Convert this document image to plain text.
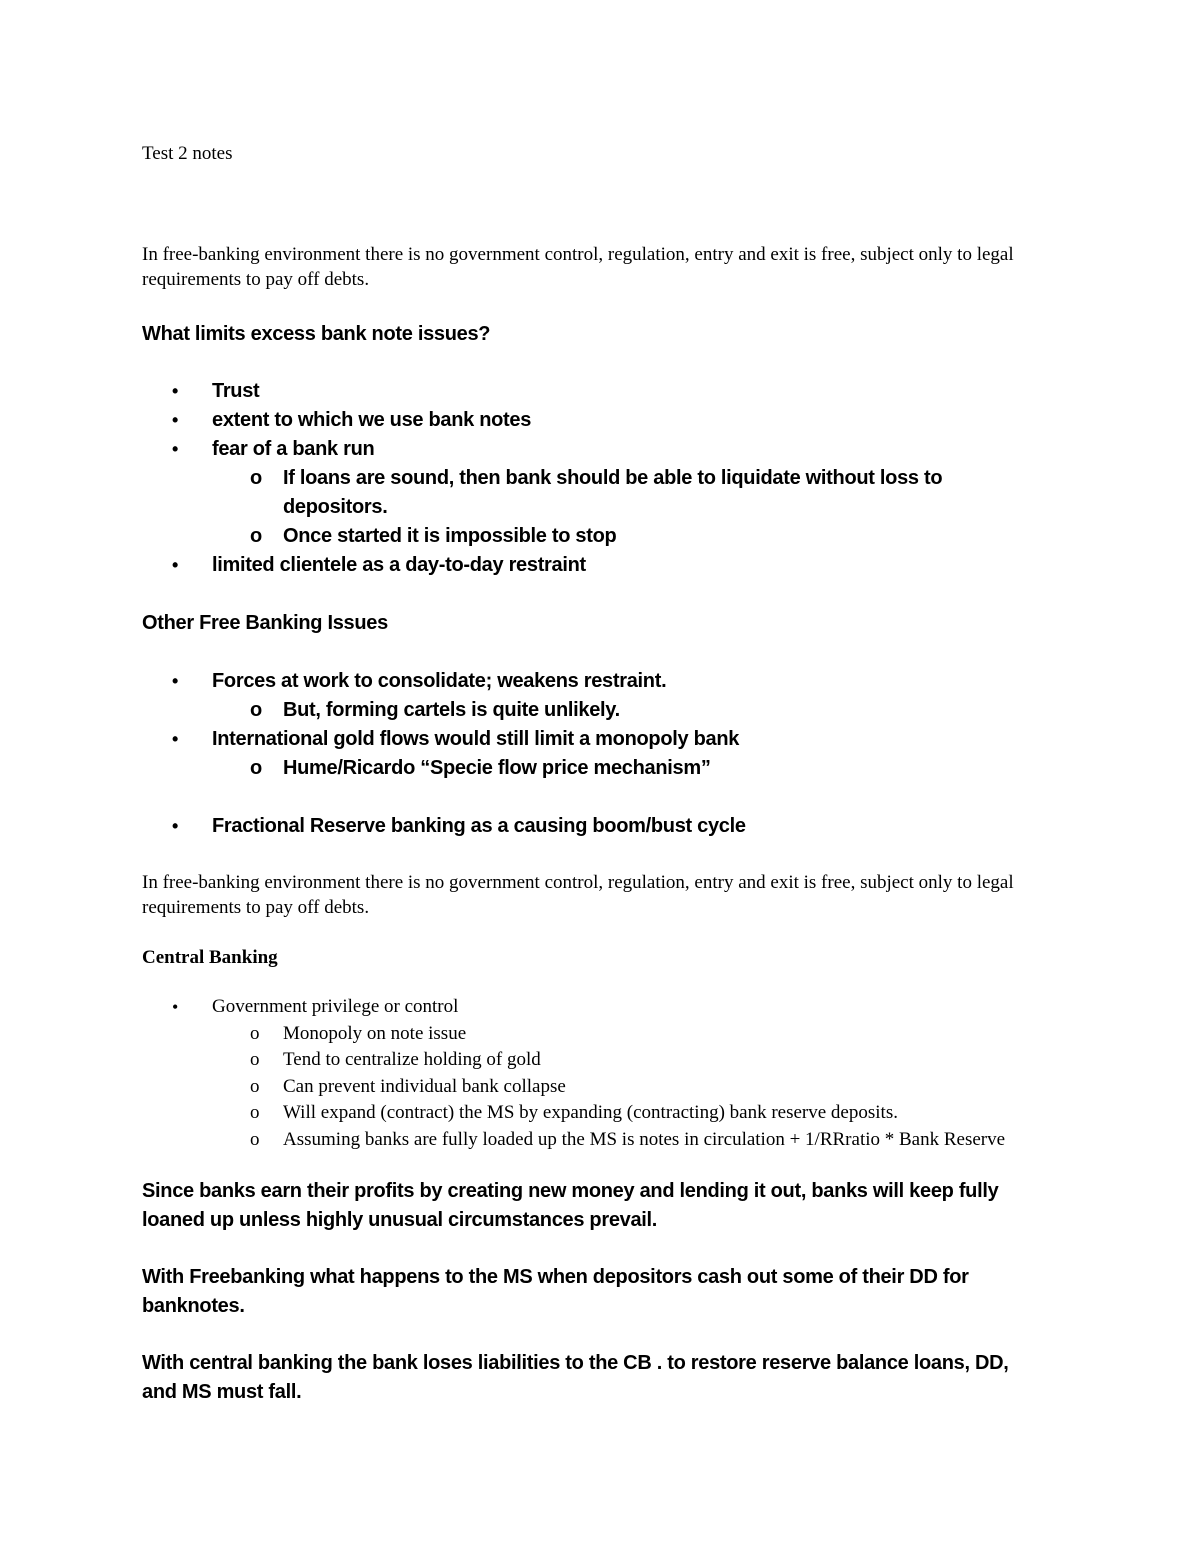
Test 2 notes

In free-banking environment there is no government control, regulation, entry and exit is free, subject only to legal requirements to pay off debts.

What limits excess bank note issues?

• Trust
• extent to which we use bank notes
• fear of a bank run
o If loans are sound, then bank should be able to liquidate without loss to depositors.
o Once started it is impossible to stop
• limited clientele as a day-to-day restraint

Other Free Banking Issues

• Forces at work to consolidate; weakens restraint.
o But, forming cartels is quite unlikely.
• International gold flows would still limit a monopoly bank
o Hume/Ricardo “Specie flow price mechanism”
• Fractional Reserve banking as a causing boom/bust cycle

In free-banking environment there is no government control, regulation, entry and exit is free, subject only to legal requirements to pay off debts.

Central Banking

• Government privilege or control
o Monopoly on note issue
o Tend to centralize holding of gold
o Can prevent individual bank collapse
o Will expand (contract) the MS by expanding (contracting) bank reserve deposits.
o Assuming banks are fully loaded up the MS is notes in circulation + 1/RRratio * Bank Reserve

Since banks earn their profits by creating new money and lending it out, banks will keep fully loaned up unless highly unusual circumstances prevail.

With Freebanking what happens to the MS when depositors cash out some of their DD for banknotes.

With central banking the bank loses liabilities to the CB . to restore reserve balance loans, DD, and MS must fall.
